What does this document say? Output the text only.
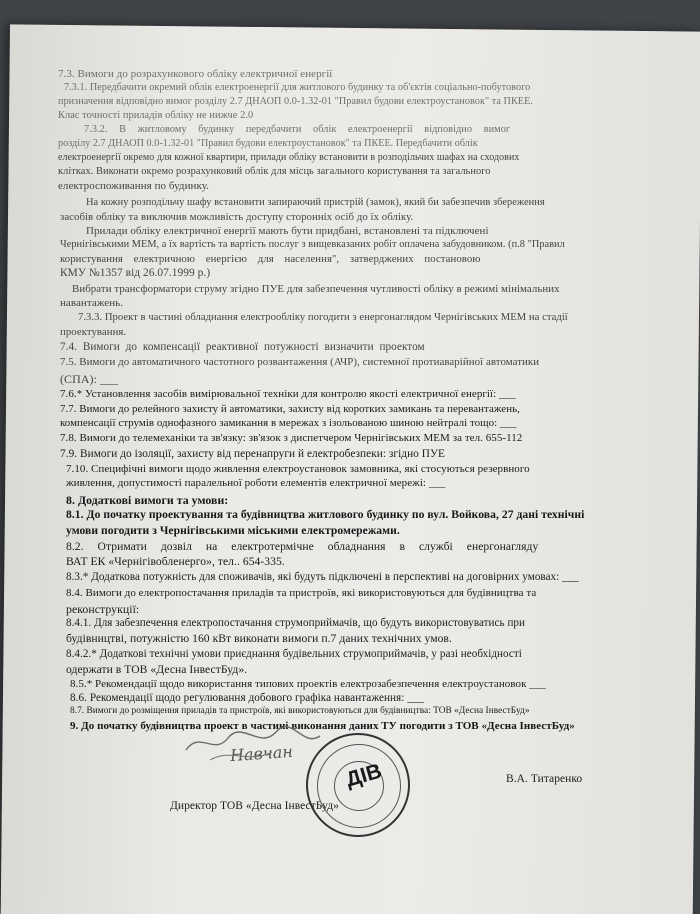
7.3. Вимоги до розрахункового обліку електричної енергії
7.3.1. Передбачити окремий облік електроенергії для житлового будинку та об'єктів соціально-побутового
призначення відповідно вимог розділу 2.7 ДНАОП 0.0-1.32-01 "Правил будови електроустановок" та ПКЕЕ.
Клас точності приладів обліку не нижче 2.0
7.3.2. В житловому будинку передбачити облік електроенергії відповідно вимог
розділу 2.7 ДНАОП 0.0-1.32-01 "Правил будови електроустановок" та ПКЕЕ. Передбачити облік
електроенергії окремо для кожної квартири, прилади обліку встановити в розподільчих шафах на сходових
клітках. Виконати окремо розрахунковий облік для місць загального користування та загального
електроспоживання по будинку.
На кожну розподільчу шафу встановити запираючий пристрій (замок), який би забезпечив збереження
засобів обліку та виключив можливість доступу сторонніх осіб до їх обліку.
Прилади обліку електричної енергії мають бути придбані, встановлені та підключені
Чернігівськими МЕМ, а їх вартість та вартість послуг з вищевказаних робіт оплачена забудовником. (п.8 "Правил
користування електричною енергією для населення", затверджених постановою
КМУ №1357 від 26.07.1999 р.)
Вибрати трансформатори струму згідно ПУЕ для забезпечення чутливості обліку в режимі мінімальних
навантажень.
7.3.3. Проект в частині обладнання електрообліку погодити з енергонаглядом Чернігівських МЕМ на стадії
проектування.
7.4. Вимоги до компенсації реактивної потужності визначити проектом
7.5. Вимоги до автоматичного частотного розвантаження (АЧР), системної протиаварійної автоматики
(СПА): ___
7.6.* Установлення засобів вимірювальної техніки для контролю якості електричної енергії: ___
7.7. Вимоги до релейного захисту й автоматики, захисту від коротких замикань та перевантажень,
компенсації струмів однофазного замикання в мережах з ізольованою шиною нейтралі тощо: ___
7.8. Вимоги до телемеханіки та зв'язку: зв'язок з диспетчером Чернігівських МЕМ за тел. 655-112
7.9. Вимоги до ізоляції, захисту від перенапруги й електробезпеки: згідно ПУЕ
7.10. Специфічні вимоги щодо живлення електроустановок замовника, які стосуються резервного
живлення, допустимості паралельної роботи елементів електричної мережі: ___
8. Додаткові вимоги та умови:
8.1. До початку проектування та будівництва житлового будинку по вул. Войкова, 27 дані технічні
умови погодити з Чернігівськими міськими електромережами.
8.2. Отримати дозвіл на електротермічне обладнання в службі енергонагляду
ВАТ ЕК «Чернігівобленерго», тел.. 654-335.
8.3.* Додаткова потужність для споживачів, які будуть підключені в перспективі на договірних умовах: ___
8.4. Вимоги до електропостачання приладів та пристроїв, які використовуються для будівництва та
реконструкції:
8.4.1. Для забезпечення електропостачання струмоприймачів, що будуть використовуватись при
будівництві, потужністю 160 кВт виконати вимоги п.7 даних технічних умов.
8.4.2.* Додаткові технічні умови приєднання будівельних струмоприймачів, у разі необхідності
одержати в ТОВ «Десна ІнвестБуд».
8.5.* Рекомендації щодо використання типових проектів електрозабезпечення електроустановок ___
8.6. Рекомендації щодо регулювання добового графіка навантаження: ___
8.7. Вимоги до розміщення приладів та пристроїв, які використовуються для будівництва: ТОВ «Десна ІнвестБуд»
9. До початку будівництва проект в частині виконання даних ТУ погодити з ТОВ «Десна ІнвестБуд»
Навчан
Директор ТОВ «Десна ІнвестБуд»
В.А. Титаренко
ДІВ
